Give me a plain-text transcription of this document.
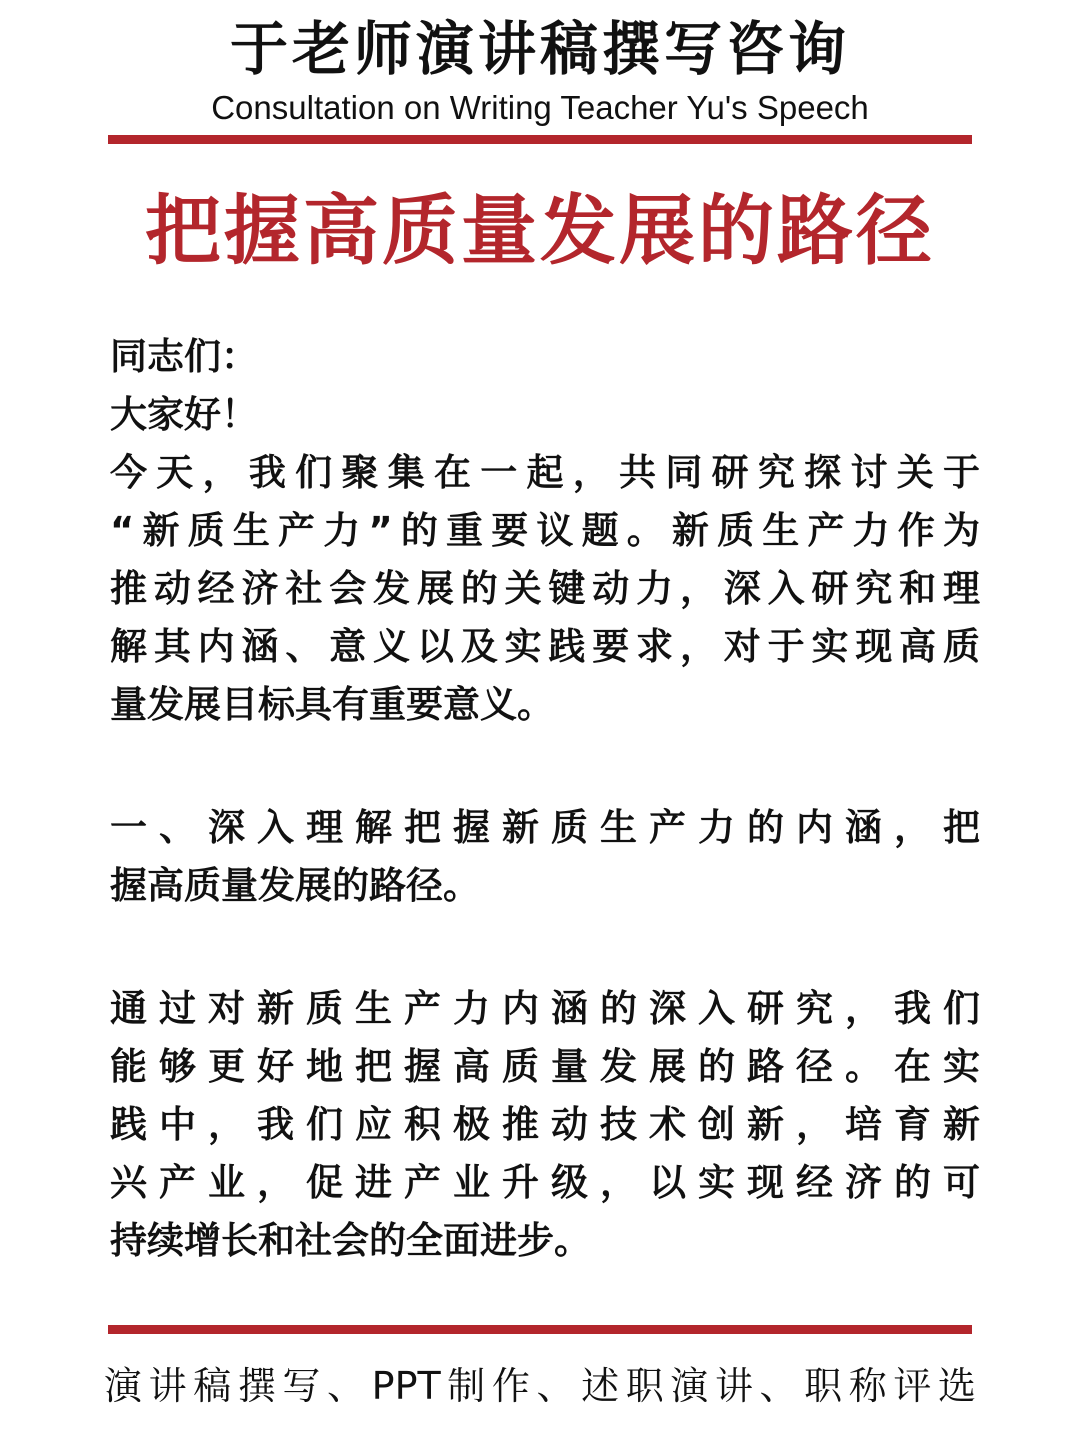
于老师演讲稿撰写咨询
Consultation on Writing Teacher Yu's Speech
把握高质量发展的路径
同志们：
大家好！
今天，我们聚集在一起，共同研究探讨关于
“新质生产力”的重要议题。新质生产力作为
推动经济社会发展的关键动力，深入研究和理
解其内涵、意义以及实践要求，对于实现高质
量发展目标具有重要意义。
一、深入理解把握新质生产力的内涵，把
握高质量发展的路径。
通过对新质生产力内涵的深入研究，我们
能够更好地把握高质量发展的路径。在实
践中，我们应积极推动技术创新，培育新
兴产业，促进产业升级，以实现经济的可
持续增长和社会的全面进步。
演讲稿撰写、PPT制作、述职演讲、职称评选
